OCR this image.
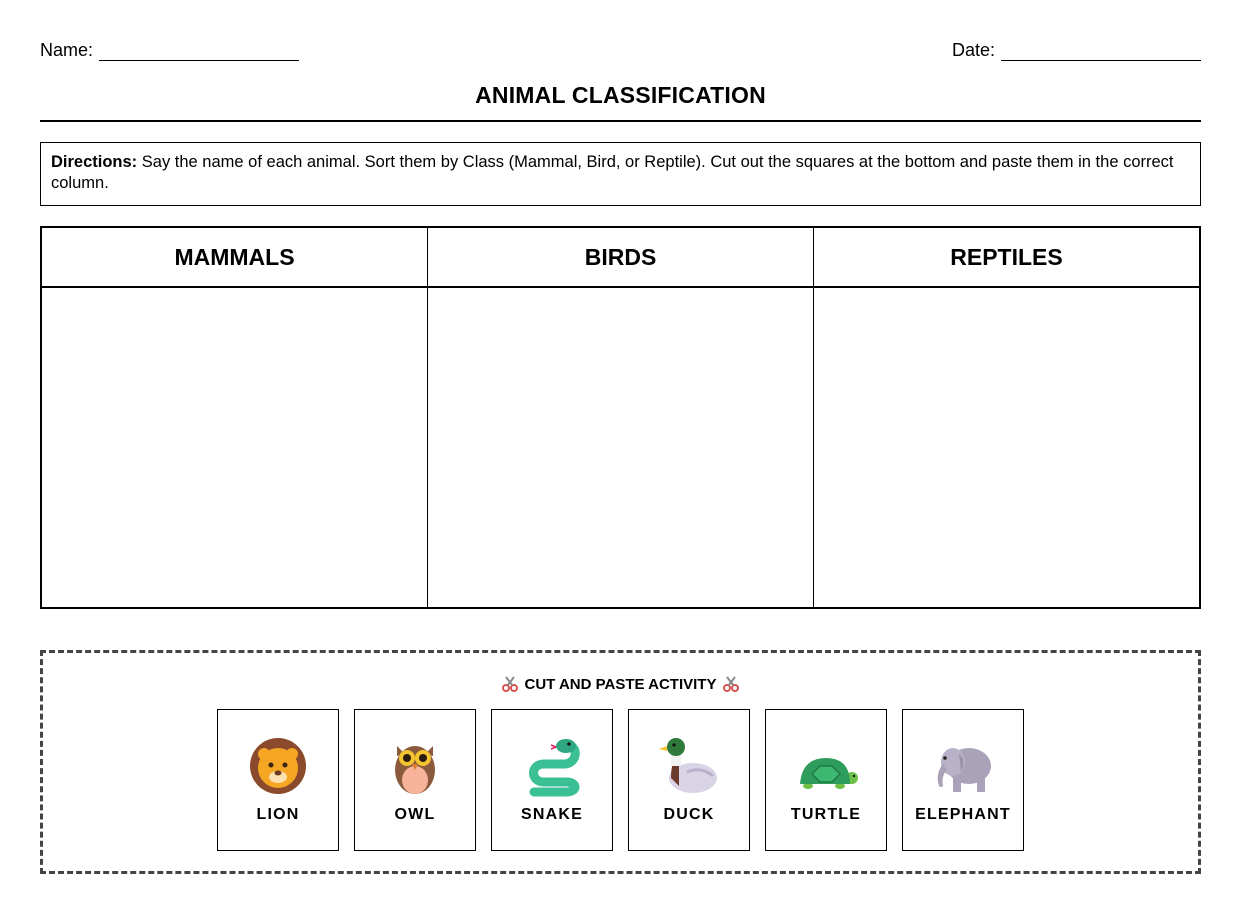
Name:	Date:
ANIMAL CLASSIFICATION
Directions: Say the name of each animal. Sort them by Class (Mammal, Bird, or Reptile). Cut out the squares at the bottom and paste them in the correct column.
MAMMALS	BIRDS	REPTILES
CUT AND PASTE ACTIVITY
LION	OWL	SNAKE	DUCK	TURTLE	ELEPHANT
